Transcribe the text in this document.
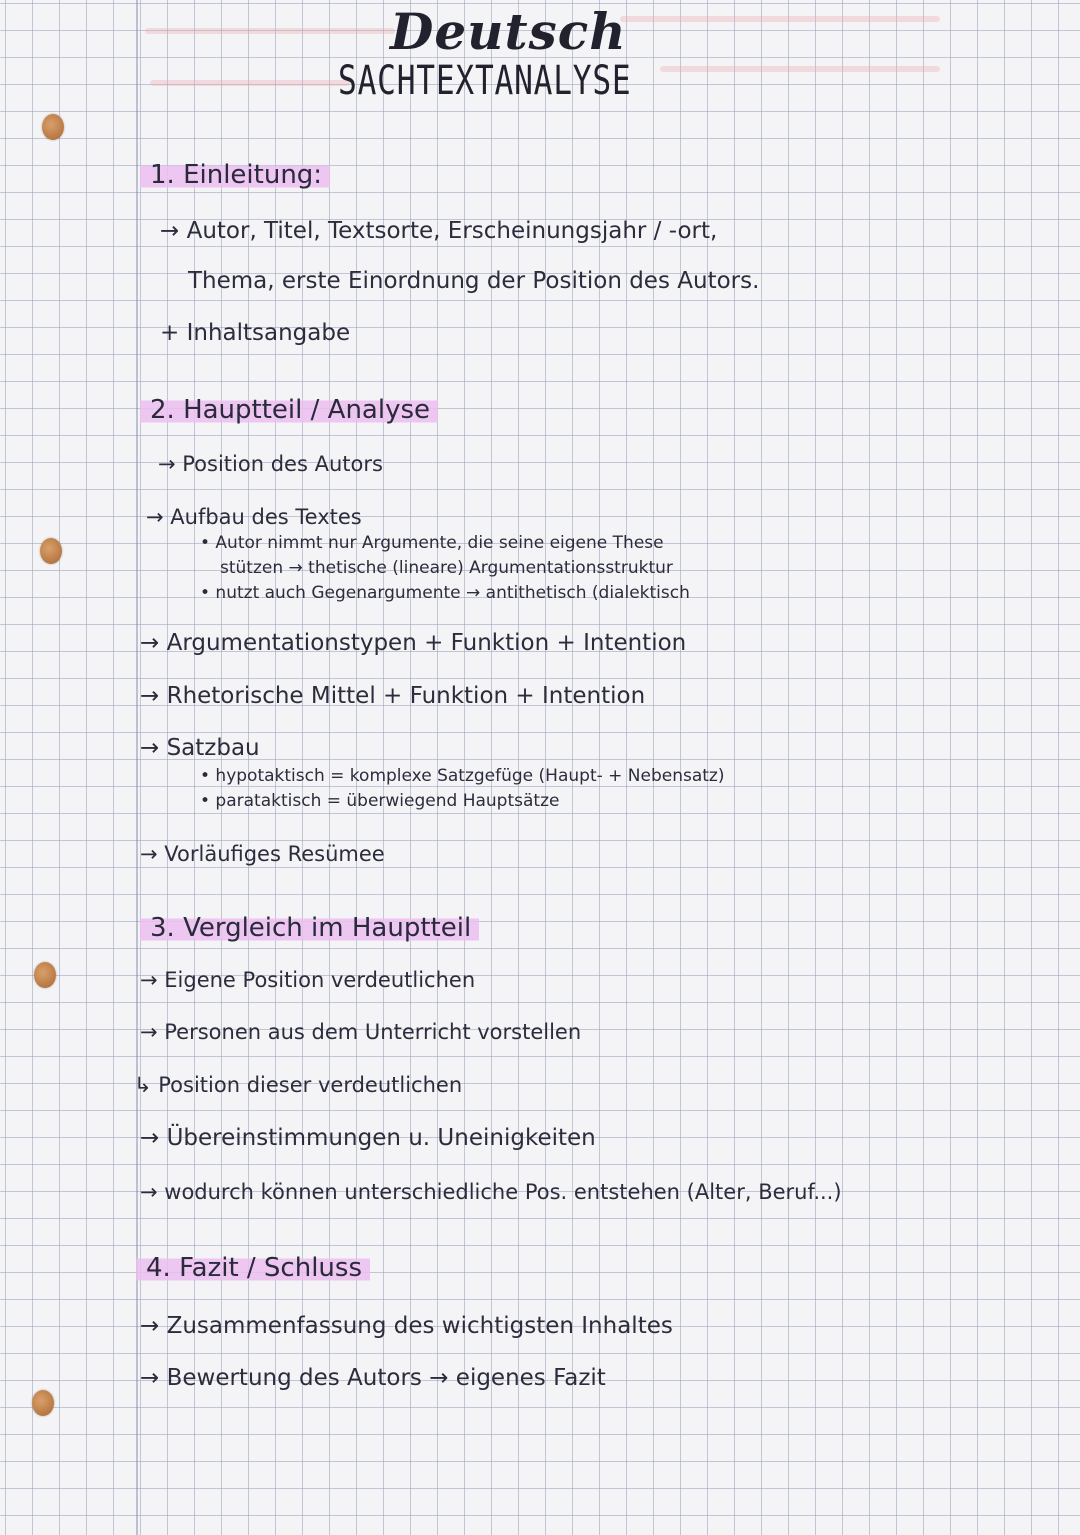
Deutsch
SACHTEXTANALYSE
1. Einleitung:
→ Autor, Titel, Textsorte, Erscheinungsjahr / -ort,
Thema, erste Einordnung der Position des Autors.
+ Inhaltsangabe
2. Hauptteil / Analyse
→ Position des Autors
→ Aufbau des Textes
• Autor nimmt nur Argumente, die seine eigene These
stützen → thetische (lineare) Argumentationsstruktur
• nutzt auch Gegenargumente → antithetisch (dialektisch
→ Argumentationstypen + Funktion + Intention
→ Rhetorische Mittel + Funktion + Intention
→ Satzbau
• hypotaktisch = komplexe Satzgefüge (Haupt- + Nebensatz)
• parataktisch = überwiegend Hauptsätze
→ Vorläufiges Resümee
3. Vergleich im Hauptteil
→ Eigene Position verdeutlichen
→ Personen aus dem Unterricht vorstellen
↳ Position dieser verdeutlichen
→ Übereinstimmungen u. Uneinigkeiten
→ wodurch können unterschiedliche Pos. entstehen (Alter, Beruf...)
4. Fazit / Schluss
→ Zusammenfassung des wichtigsten Inhaltes
→ Bewertung des Autors → eigenes Fazit
